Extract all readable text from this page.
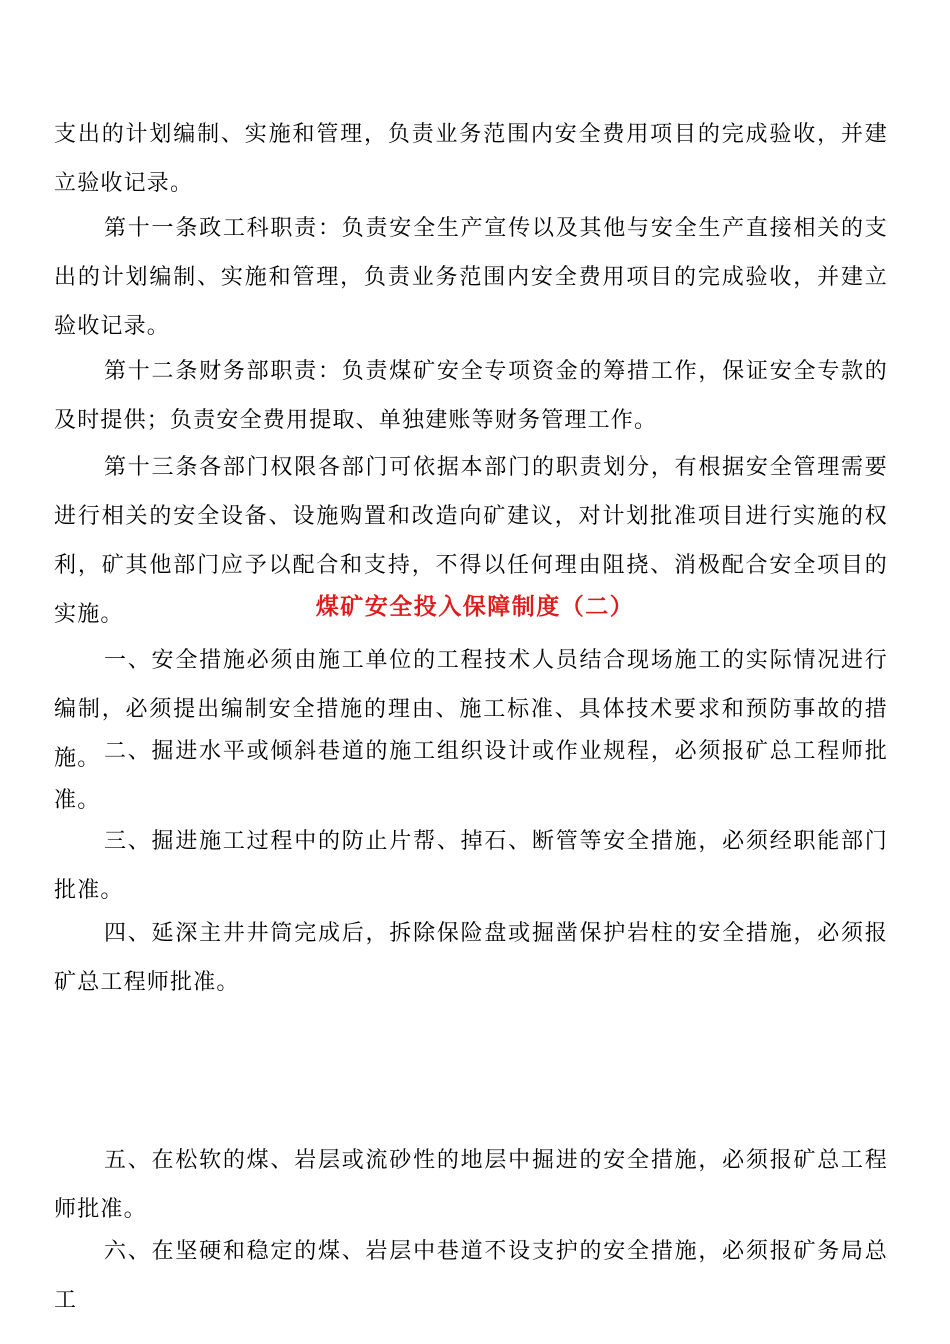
支出的计划编制、实施和管理，负责业务范围内安全费用项目的完成验收，并建立验收记录。

第十一条政工科职责：负责安全生产宣传以及其他与安全生产直接相关的支出的计划编制、实施和管理，负责业务范围内安全费用项目的完成验收，并建立验收记录。

第十二条财务部职责：负责煤矿安全专项资金的筹措工作，保证安全专款的及时提供；负责安全费用提取、单独建账等财务管理工作。

第十三条各部门权限各部门可依据本部门的职责划分，有根据安全管理需要进行相关的安全设备、设施购置和改造向矿建议，对计划批准项目进行实施的权利，矿其他部门应予以配合和支持，不得以任何理由阻挠、消极配合安全项目的实施。	煤矿安全投入保障制度（二）

一、安全措施必须由施工单位的工程技术人员结合现场施工的实际情况进行编制，必须提出编制安全措施的理由、施工标准、具体技术要求和预防事故的措施。 二、掘进水平或倾斜巷道的施工组织设计或作业规程，必须报矿总工程师批准。

三、掘进施工过程中的防止片帮、掉石、断管等安全措施，必须经职能部门批准。

四、延深主井井筒完成后，拆除保险盘或掘凿保护岩柱的安全措施，必须报矿总工程师批准。

五、在松软的煤、岩层或流砂性的地层中掘进的安全措施，必须报矿总工程师批准。

六、在坚硬和稳定的煤、岩层中巷道不设支护的安全措施，必须报矿务局总工
